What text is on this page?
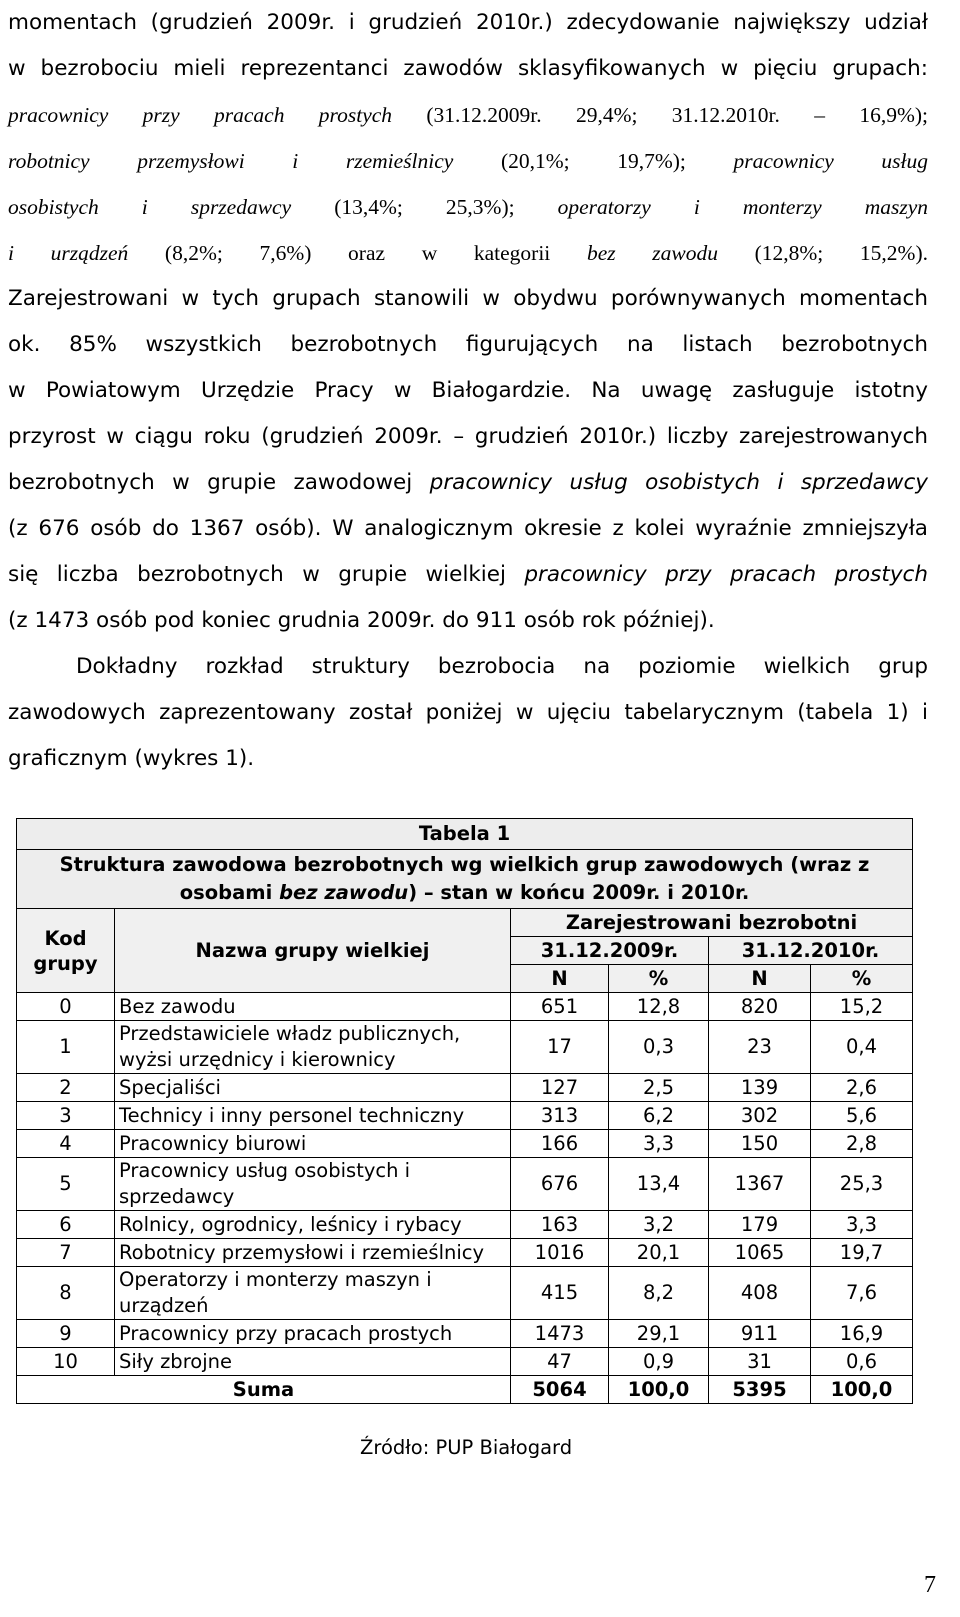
momentach (grudzień 2009r. i grudzień 2010r.) zdecydowanie największy udział
w bezrobociu mieli reprezentanci zawodów sklasyfikowanych w pięciu grupach:
pracownicy przy pracach prostych (31.12.2009r. 29,4%; 31.12.2010r. – 16,9%);
robotnicy przemysłowi i rzemieślnicy (20,1%; 19,7%); pracownicy usług
osobistych i sprzedawcy (13,4%; 25,3%); operatorzy i monterzy maszyn
i urządzeń (8,2%; 7,6%) oraz w kategorii bez zawodu (12,8%; 15,2%).
Zarejestrowani w tych grupach stanowili w obydwu porównywanych momentach
ok. 85% wszystkich bezrobotnych figurujących na listach bezrobotnych
w Powiatowym Urzędzie Pracy w Białogardzie. Na uwagę zasługuje istotny
przyrost w ciągu roku (grudzień 2009r. – grudzień 2010r.) liczby zarejestrowanych
bezrobotnych w grupie zawodowej pracownicy usług osobistych i sprzedawcy
(z 676 osób do 1367 osób). W analogicznym okresie z kolei wyraźnie zmniejszyła
się liczba bezrobotnych w grupie wielkiej pracownicy przy pracach prostych

(z 1473 osób pod koniec grudnia 2009r. do 911 osób rok później).

Dokładny rozkład struktury bezrobocia na poziomie wielkich grup
zawodowych zaprezentowany został poniżej w ujęciu tabelarycznym (tabela 1) i

graficznym (wykres 1).

Tabela 1					
Struktura zawodowa bezrobotnych wg wielkich grup zawodowych (wraz z osobami bez zawodu) – stan w końcu 2009r. i 2010r.					
Kod grupy	Nazwa grupy wielkiej	Zarejestrowani bezrobotni			
		31.12.2009r.		31.12.2010r.	
		N	%	N	%
0	Bez zawodu	651	12,8	820	15,2
1	Przedstawiciele władz publicznych, wyżsi urzędnicy i kierownicy	17	0,3	23	0,4
2	Specjaliści	127	2,5	139	2,6
3	Technicy i inny personel techniczny	313	6,2	302	5,6
4	Pracownicy biurowi	166	3,3	150	2,8
5	Pracownicy usług osobistych i sprzedawcy	676	13,4	1367	25,3
6	Rolnicy, ogrodnicy, leśnicy i rybacy	163	3,2	179	3,3
7	Robotnicy przemysłowi i rzemieślnicy	1016	20,1	1065	19,7
8	Operatorzy i monterzy maszyn i urządzeń	415	8,2	408	7,6
9	Pracownicy przy pracach prostych	1473	29,1	911	16,9
10	Siły zbrojne	47	0,9	31	0,6
Suma		5064	100,0	5395	100,0
Źródło: PUP Białogard
7
